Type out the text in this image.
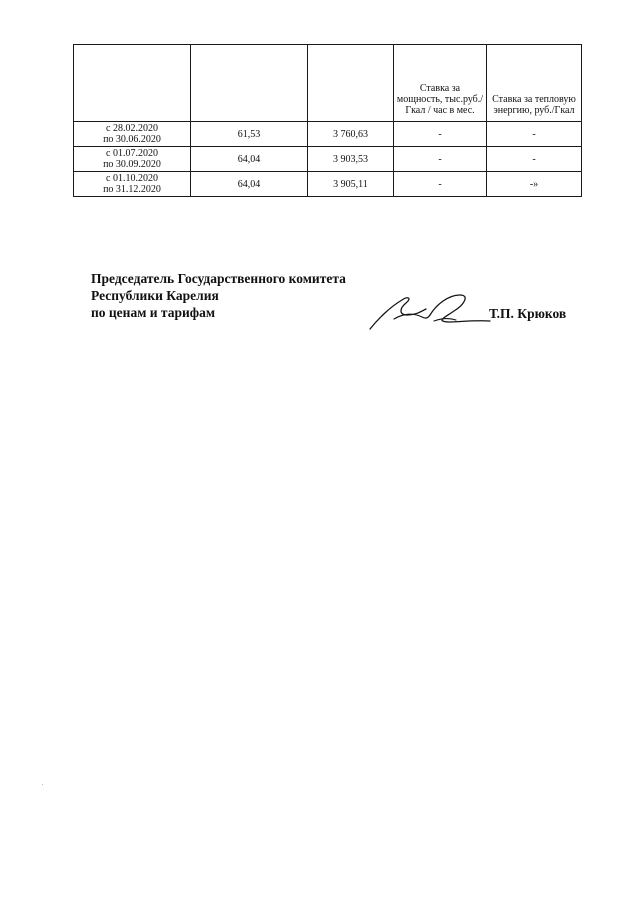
			Ставка за мощность, тыс.руб./Гкал / час в мес.	Ставка за тепловую энергию, руб./Гкал

с 28.02.2020
по 30.06.2020	61,53	3 760,63	-	-

с 01.07.2020
по 30.09.2020	64,04	3 903,53	-	-

с 01.10.2020
по 31.12.2020	64,04	3 905,11	-	-»
Председатель Государственного комитета
Республики Карелия
по ценам и тарифам	Т.П. Крюков
